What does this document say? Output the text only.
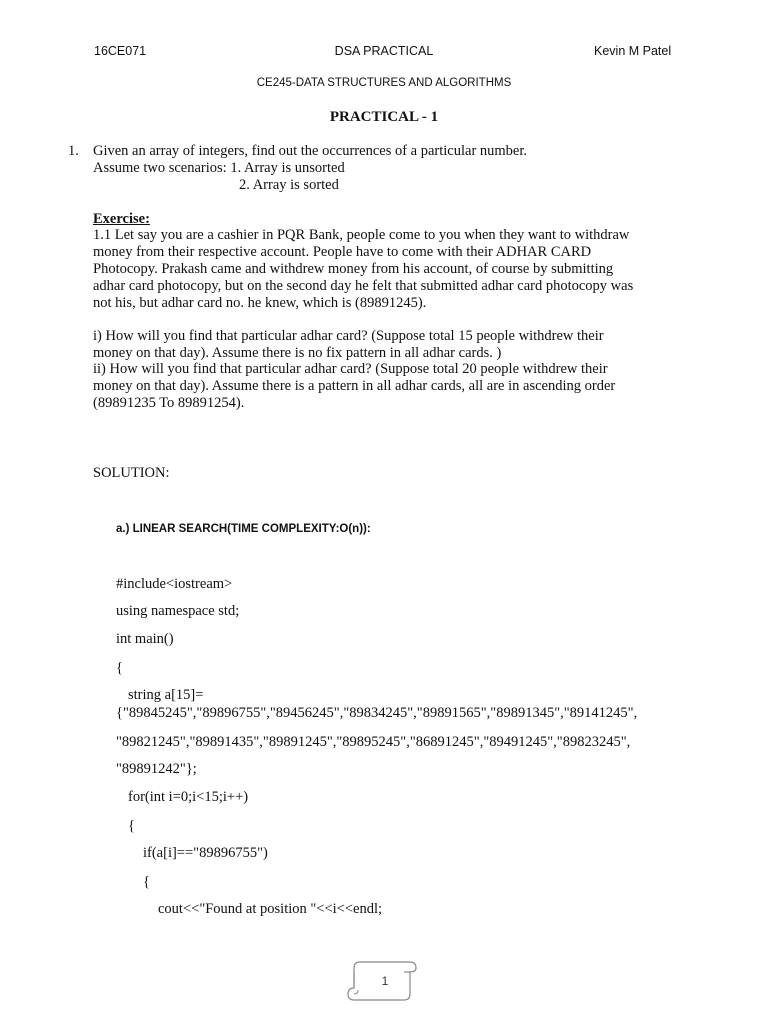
16CE071	DSA PRACTICAL	Kevin M Patel
CE245-DATA STRUCTURES AND ALGORITHMS
PRACTICAL - 1
1. Given an array of integers, find out the occurrences of a particular number.
Assume two scenarios: 1. Array is unsorted
2. Array is sorted
Exercise:
1.1 Let say you are a cashier in PQR Bank, people come to you when they want to withdraw
money from their respective account. People have to come with their ADHAR CARD
Photocopy. Prakash came and withdrew money from his account, of course by submitting
adhar card photocopy, but on the second day he felt that submitted adhar card photocopy was
not his, but adhar card no. he knew, which is (89891245).
i) How will you find that particular adhar card? (Suppose total 15 people withdrew their
money on that day). Assume there is no fix pattern in all adhar cards. )
ii) How will you find that particular adhar card? (Suppose total 20 people withdrew their
money on that day). Assume there is a pattern in all adhar cards, all are in ascending order
(89891235 To 89891254).
SOLUTION:
a.) LINEAR SEARCH(TIME COMPLEXITY:O(n)):
#include<iostream>
using namespace std;
int main()
{
string a[15]=
{"89845245","89896755","89456245","89834245","89891565","89891345","89141245",
"89821245","89891435","89891245","89895245","86891245","89491245","89823245",
"89891242"};
for(int i=0;i<15;i++)
{
if(a[i]=="89896755")
{
cout<<"Found at position "<<i<<endl;
1
